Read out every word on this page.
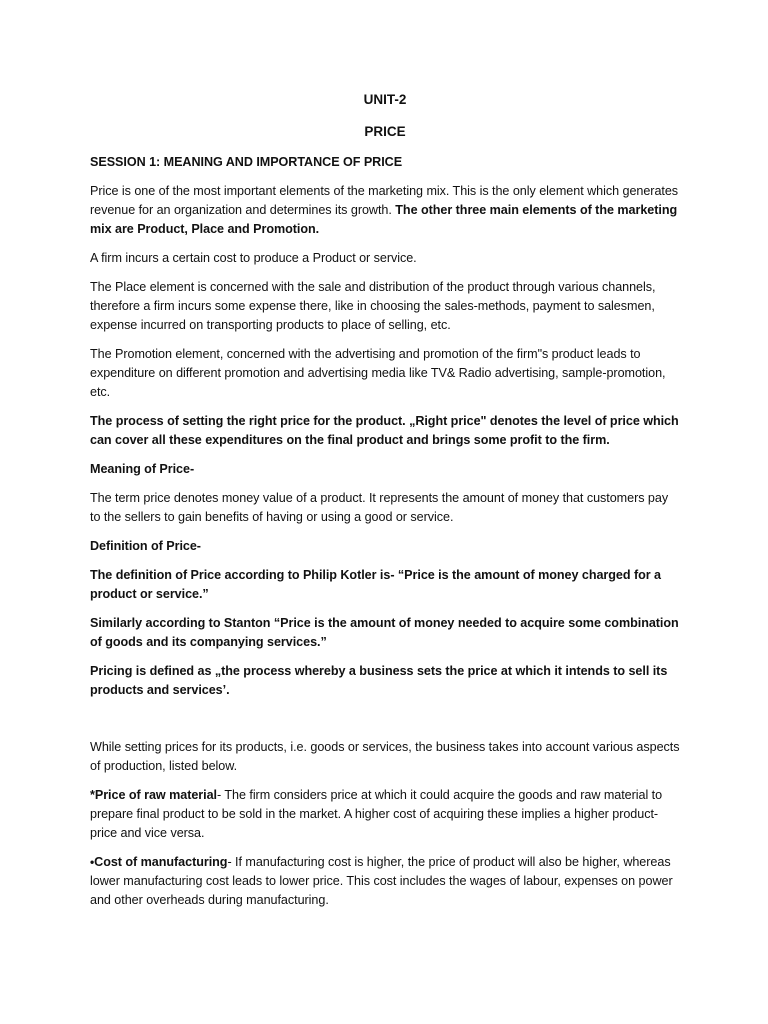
UNIT-2
PRICE

SESSION 1: MEANING AND IMPORTANCE OF PRICE

Price is one of the most important elements of the marketing mix. This is the only element which generates revenue for an organization and determines its growth. The other three main elements of the marketing mix are Product, Place and Promotion.

A firm incurs a certain cost to produce a Product or service.

The Place element is concerned with the sale and distribution of the product through various channels, therefore a firm incurs some expense there, like in choosing the sales-methods, payment to salesmen, expense incurred on transporting products to place of selling, etc.

The Promotion element, concerned with the advertising and promotion of the firm"s product leads to expenditure on different promotion and advertising media like TV& Radio advertising, sample-promotion, etc.

The process of setting the right price for the product. „Right price" denotes the level of price which can cover all these expenditures on the final product and brings some profit to the firm.

Meaning of Price-

The term price denotes money value of a product. It represents the amount of money that customers pay to the sellers to gain benefits of having or using a good or service.

Definition of Price-

The definition of Price according to Philip Kotler is- “Price is the amount of money charged for a product or service.”

Similarly according to Stanton “Price is the amount of money needed to acquire some combination of goods and its companying services.”

Pricing is defined as „the process whereby a business sets the price at which it intends to sell its products and services’.

While setting prices for its products, i.e. goods or services, the business takes into account various aspects of production, listed below.

*Price of raw material- The firm considers price at which it could acquire the goods and raw material to prepare final product to be sold in the market. A higher cost of acquiring these implies a higher product-price and vice versa.

•Cost of manufacturing- If manufacturing cost is higher, the price of product will also be higher, whereas lower manufacturing cost leads to lower price. This cost includes the wages of labour, expenses on power and other overheads during manufacturing.
